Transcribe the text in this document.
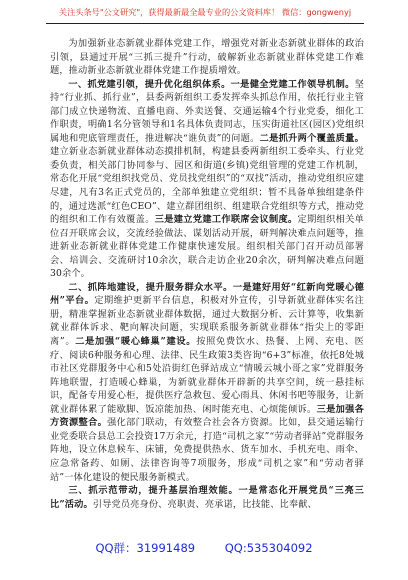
关注头条号"公文研究"，获得最新最全最专业的公文资料库！ 微信：gongwenyj

为加强新业态新就业群体党建工作，增强党对新业态新就业群体的政治引领，县通过开展“三抓三提升”行动，破解新业态新就业群体党建工作难题，推动新业态新就业群体党建工作提质增效。

一、抓党建引领，提升优化组织体系。一是健全党建工作领导机制。坚持“行业抓、抓行业”，县委两新组织工委发挥牵头抓总作用，依托行业主管部门成立快递物流、直播电商、外卖送餐、交通运输4个行业党委，细化工作职责，明确1名分管领导和1名具体负责同志，压实街道社区(园区)党组织属地和兜底管理责任，推进解决“谁负责”的问题。二是抓升两个覆盖质量。建立新业态新就业群体动态摸排机制，构建县委两新组织工委牵头、行业党委负责，相关部门协同参与、园区和街道(乡镇)党组管理的党建工作机制，常态化开展“党组织找党员、党员找党组织”的“双找”活动，推动党组织应建尽建，凡有3名正式党员的，全部单独建立党组织；暂不具备单独组建条件的，通过选派“红色CEO”、建立群团组织、组建联合党组织等方式，推动党的组织和工作有效覆盖。三是建立党建工作联席会议制度。定期组织相关单位召开联席会议，交流经验做法、谋划活动开展，研判解决难点问题等，推进新业态新就业群体党建工作健康快速发展。组织相关部门召开动员部署会、培训会、交流研讨10余次，联合走访企业20余次，研判解决难点问题30余个。

二、抓阵地建设，提升服务群众水平。一是建好用好“红新向党暖心德州”平台。定期维护更新平台信息，积极对外宣传，引导新就业群体实名注册，精准掌握新业态新就业群体数据，通过大数据分析、云计算等，收集新就业群体诉求、靶向解决问题，实现联系服务新就业群体“指尖上的零距离”。二是加强“暖心蜂巢”建设。按照免费饮水、热餐、上网、充电、医疗、阅读6种服务和心理、法律、民生政策3类咨询“6+3”标准，依托8处城市社区党群服务中心和5处沿街红色驿站成立“情暖云城小哥之家”党群服务阵地联盟，打造暖心蜂巢，为新就业群体开辟新的共享空间，统一悬挂标识，配备专用爱心柜，提供医疗急救包、爱心雨具、休闲书吧等服务，让新就业群体累了能歇脚、饭凉能加热、闲时能充电、心烦能倾诉。三是加强各方资源整合。强化部门联动，有效整合社会各方资源。比如，县交通运输行业党委联合县总工会投资17万余元，打造“司机之家”“劳动者驿站”党群服务阵地，设立休息候车、床铺，免费提供热水、货车加水、手机充电、雨伞、应急常备药、如厕、法律咨询等7项服务，形成“司机之家”和“劳动者驿站”一体化建设的便民服务新模式。

三、抓示范带动，提升基层治理效能。一是常态化开展党员“三亮三比”活动。引导党员亮身份、亮职责、亮承诺，比技能、比奉献、

QQ群：31991489	QQ:535304092
